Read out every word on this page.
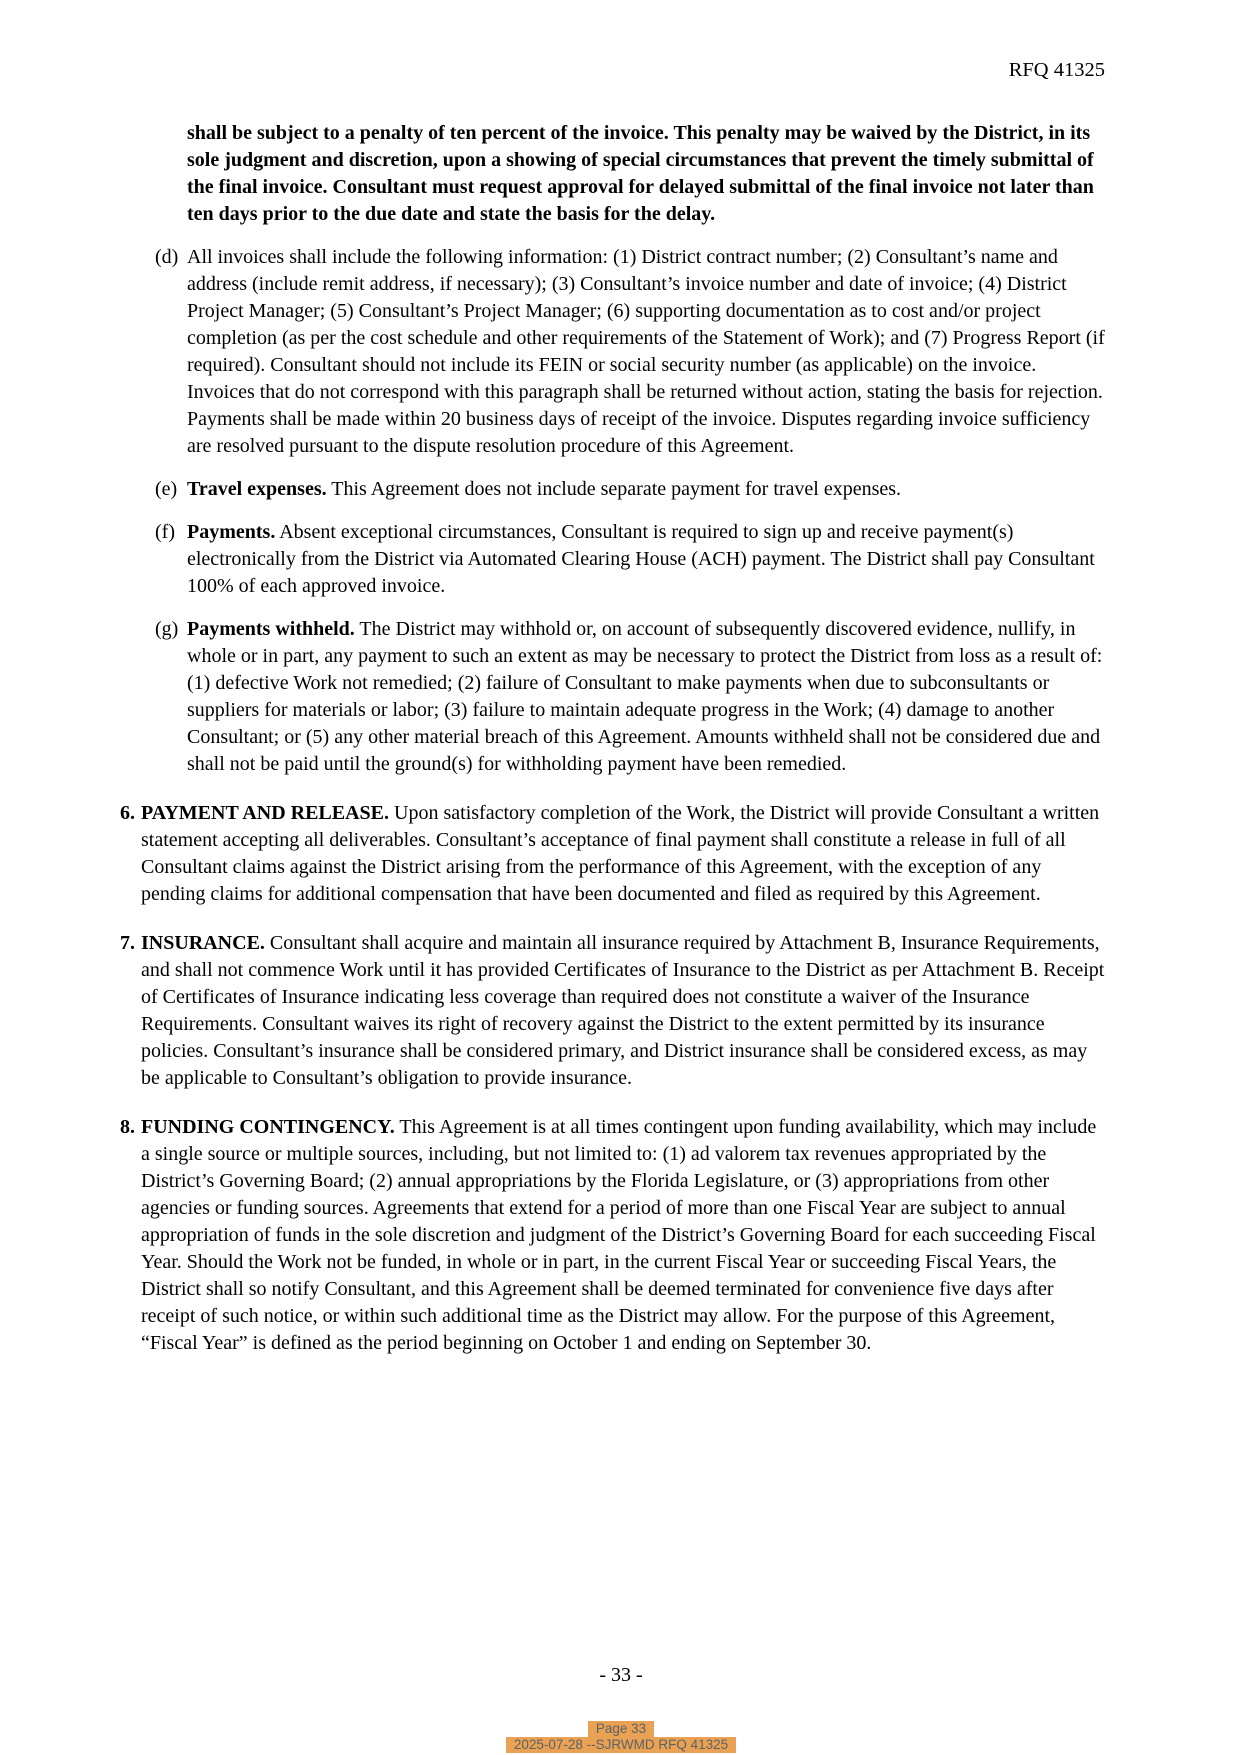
RFQ 41325

shall be subject to a penalty of ten percent of the invoice. This penalty may be waived by the District, in its sole judgment and discretion, upon a showing of special circumstances that prevent the timely submittal of the final invoice. Consultant must request approval for delayed submittal of the final invoice not later than ten days prior to the due date and state the basis for the delay.

(d) All invoices shall include the following information: (1) District contract number; (2) Consultant’s name and address (include remit address, if necessary); (3) Consultant’s invoice number and date of invoice; (4) District Project Manager; (5) Consultant’s Project Manager; (6) supporting documentation as to cost and/or project completion (as per the cost schedule and other requirements of the Statement of Work); and (7) Progress Report (if required). Consultant should not include its FEIN or social security number (as applicable) on the invoice. Invoices that do not correspond with this paragraph shall be returned without action, stating the basis for rejection. Payments shall be made within 20 business days of receipt of the invoice. Disputes regarding invoice sufficiency are resolved pursuant to the dispute resolution procedure of this Agreement.
(e) Travel expenses. This Agreement does not include separate payment for travel expenses.
(f) Payments. Absent exceptional circumstances, Consultant is required to sign up and receive payment(s) electronically from the District via Automated Clearing House (ACH) payment. The District shall pay Consultant 100% of each approved invoice.
(g) Payments withheld. The District may withhold or, on account of subsequently discovered evidence, nullify, in whole or in part, any payment to such an extent as may be necessary to protect the District from loss as a result of: (1) defective Work not remedied; (2) failure of Consultant to make payments when due to subconsultants or suppliers for materials or labor; (3) failure to maintain adequate progress in the Work; (4) damage to another Consultant; or (5) any other material breach of this Agreement. Amounts withheld shall not be considered due and shall not be paid until the ground(s) for withholding payment have been remedied.
6. PAYMENT AND RELEASE. Upon satisfactory completion of the Work, the District will provide Consultant a written statement accepting all deliverables. Consultant’s acceptance of final payment shall constitute a release in full of all Consultant claims against the District arising from the performance of this Agreement, with the exception of any pending claims for additional compensation that have been documented and filed as required by this Agreement.
7. INSURANCE. Consultant shall acquire and maintain all insurance required by Attachment B, Insurance Requirements, and shall not commence Work until it has provided Certificates of Insurance to the District as per Attachment B. Receipt of Certificates of Insurance indicating less coverage than required does not constitute a waiver of the Insurance Requirements. Consultant waives its right of recovery against the District to the extent permitted by its insurance policies. Consultant’s insurance shall be considered primary, and District insurance shall be considered excess, as may be applicable to Consultant’s obligation to provide insurance.
8. FUNDING CONTINGENCY. This Agreement is at all times contingent upon funding availability, which may include a single source or multiple sources, including, but not limited to: (1) ad valorem tax revenues appropriated by the District’s Governing Board; (2) annual appropriations by the Florida Legislature, or (3) appropriations from other agencies or funding sources. Agreements that extend for a period of more than one Fiscal Year are subject to annual appropriation of funds in the sole discretion and judgment of the District’s Governing Board for each succeeding Fiscal Year. Should the Work not be funded, in whole or in part, in the current Fiscal Year or succeeding Fiscal Years, the District shall so notify Consultant, and this Agreement shall be deemed terminated for convenience five days after receipt of such notice, or within such additional time as the District may allow. For the purpose of this Agreement, “Fiscal Year” is defined as the period beginning on October 1 and ending on September 30.
- 33 -
Page 33
2025-07-28 --SJRWMD RFQ 41325
